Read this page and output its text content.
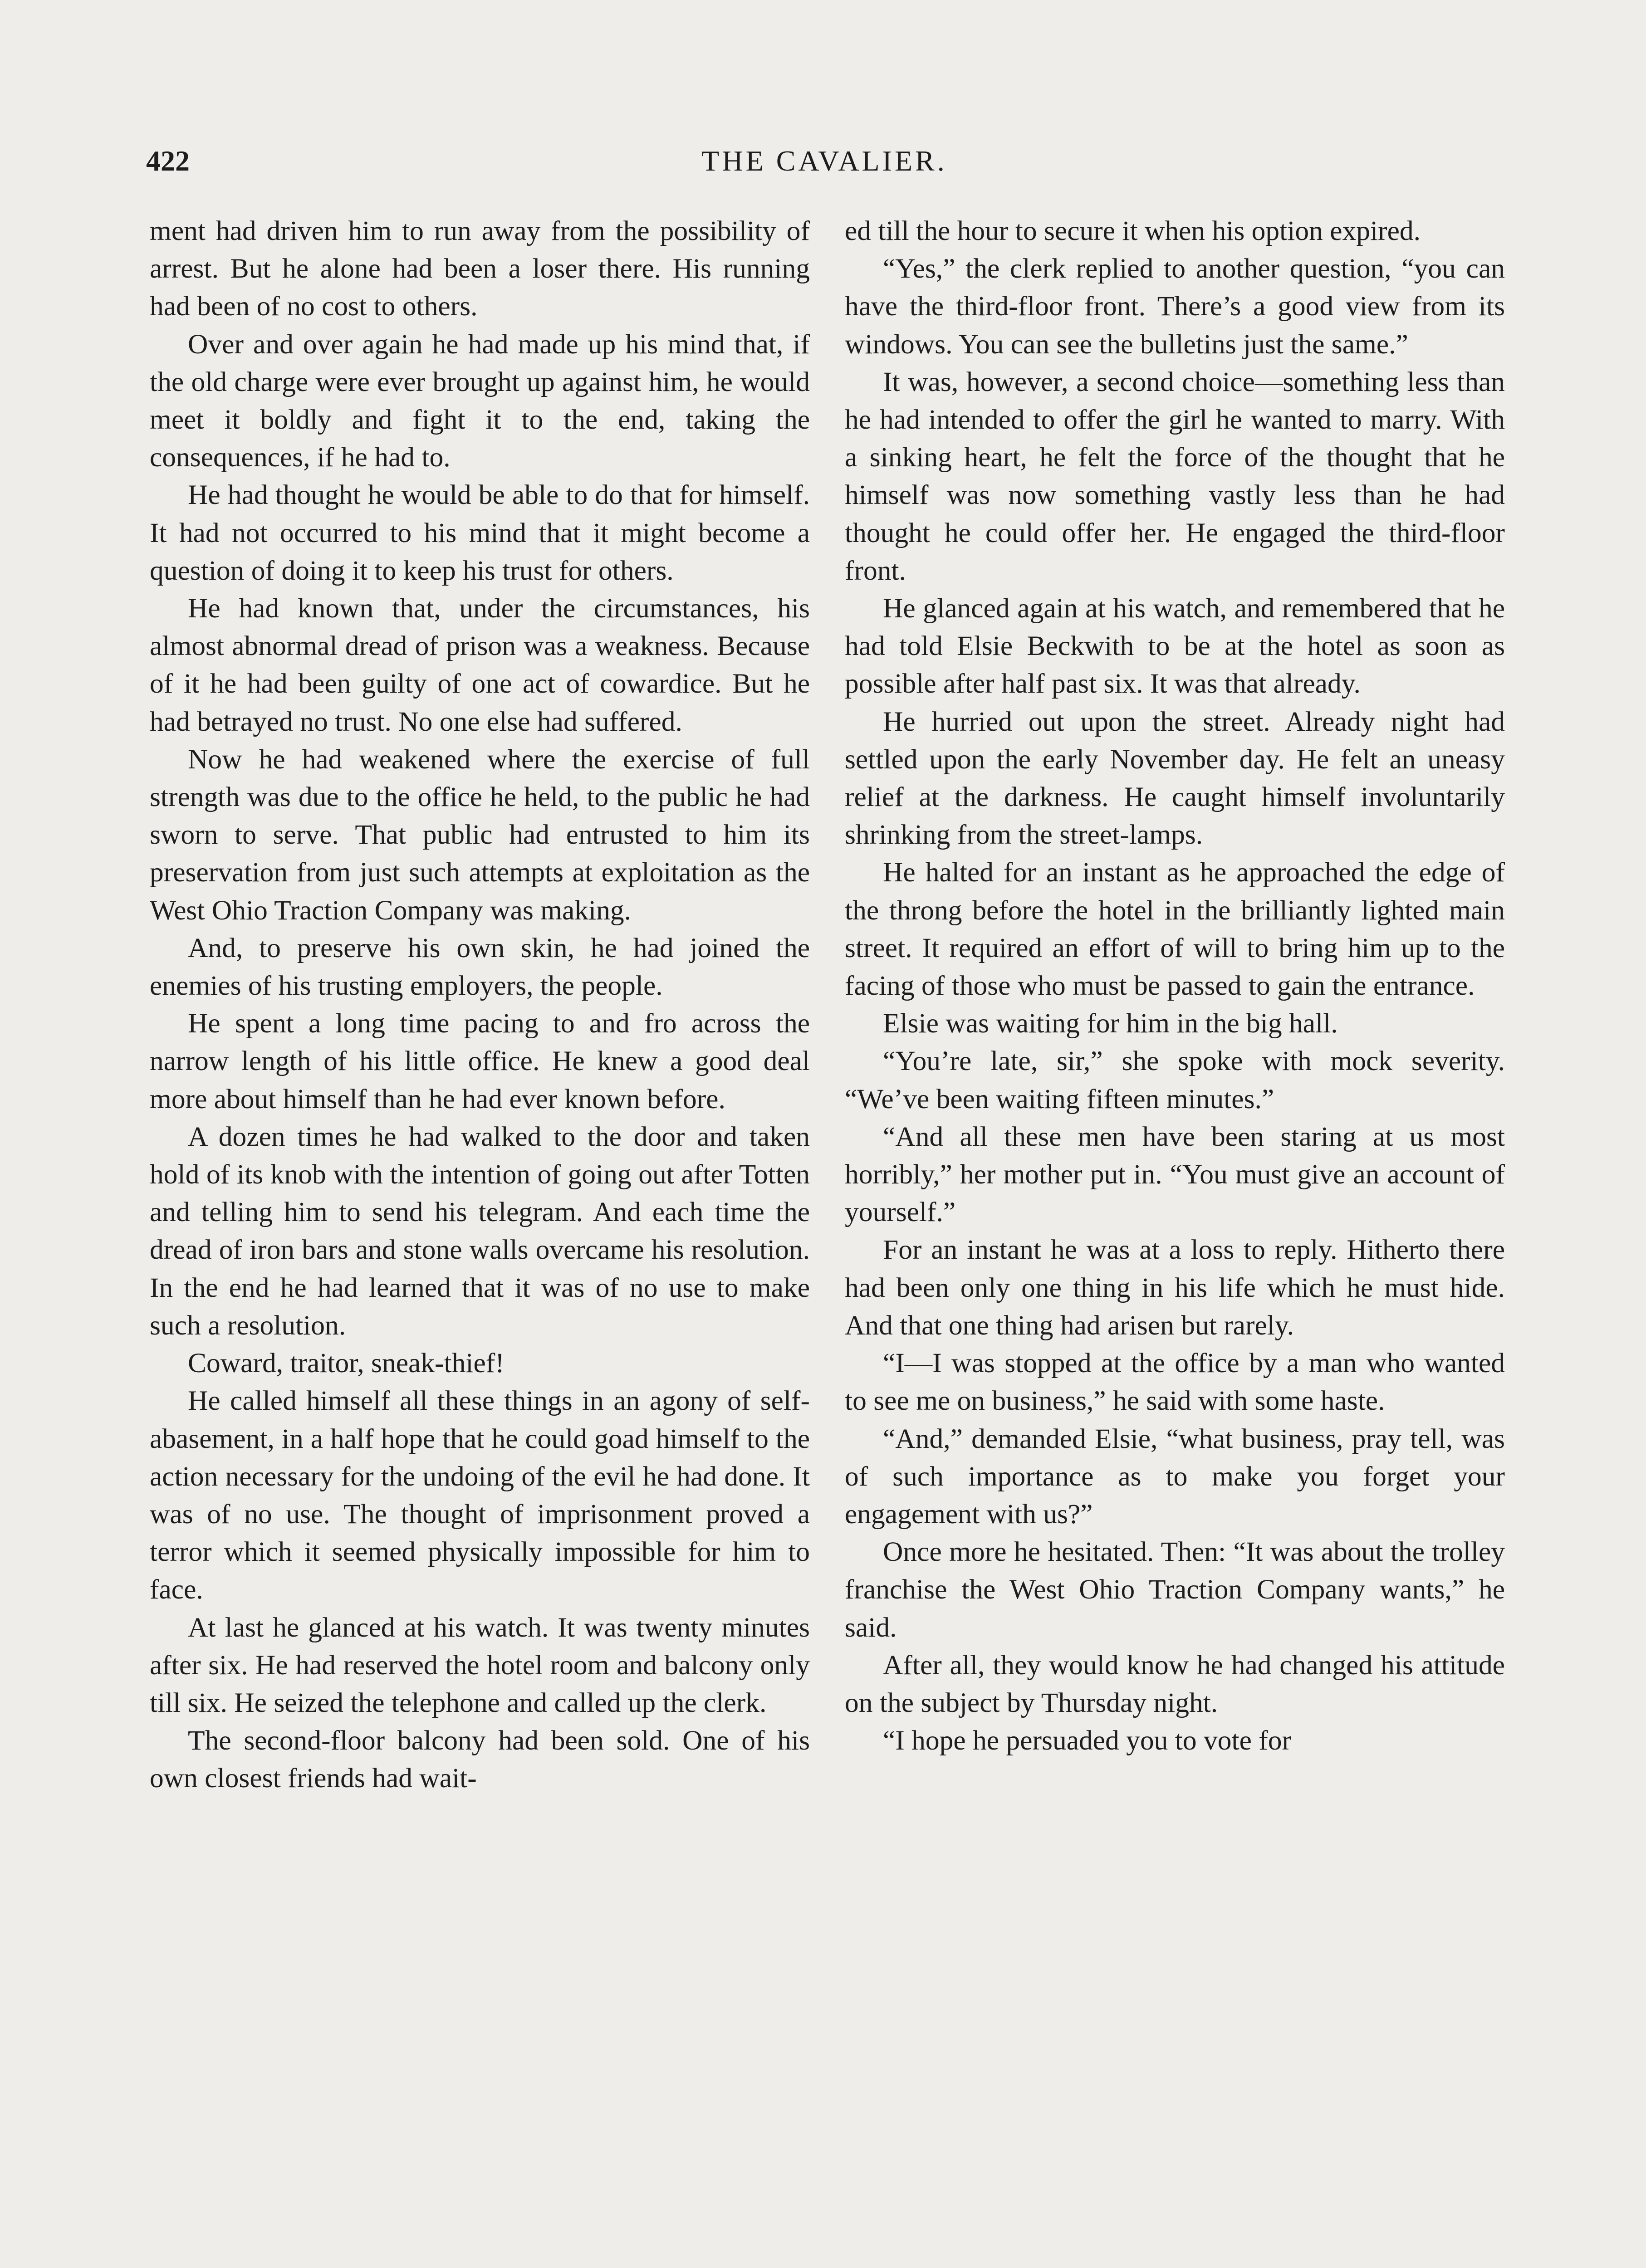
422	THE CAVALIER.

ment had driven him to run away from the possibility of arrest. But he alone had been a loser there. His running had been of no cost to others.

Over and over again he had made up his mind that, if the old charge were ever brought up against him, he would meet it boldly and fight it to the end, taking the consequences, if he had to.

He had thought he would be able to do that for himself. It had not occurred to his mind that it might become a question of doing it to keep his trust for others.

He had known that, under the circumstances, his almost abnormal dread of prison was a weakness. Because of it he had been guilty of one act of cowardice. But he had betrayed no trust. No one else had suffered.

Now he had weakened where the exercise of full strength was due to the office he held, to the public he had sworn to serve. That public had entrusted to him its preservation from just such attempts at exploitation as the West Ohio Traction Company was making.

And, to preserve his own skin, he had joined the enemies of his trusting employers, the people.

He spent a long time pacing to and fro across the narrow length of his little office. He knew a good deal more about himself than he had ever known before.

A dozen times he had walked to the door and taken hold of its knob with the intention of going out after Totten and telling him to send his telegram. And each time the dread of iron bars and stone walls overcame his resolution. In the end he had learned that it was of no use to make such a resolution.

Coward, traitor, sneak-thief!

He called himself all these things in an agony of self-abasement, in a half hope that he could goad himself to the action necessary for the undoing of the evil he had done. It was of no use. The thought of imprisonment proved a terror which it seemed physically impossible for him to face.

At last he glanced at his watch. It was twenty minutes after six. He had reserved the hotel room and balcony only till six. He seized the telephone and called up the clerk.

The second-floor balcony had been sold. One of his own closest friends had wait-

ed till the hour to secure it when his option expired.

“Yes,” the clerk replied to another question, “you can have the third-floor front. There’s a good view from its windows. You can see the bulletins just the same.”

It was, however, a second choice—something less than he had intended to offer the girl he wanted to marry. With a sinking heart, he felt the force of the thought that he himself was now something vastly less than he had thought he could offer her. He engaged the third-floor front.

He glanced again at his watch, and remembered that he had told Elsie Beckwith to be at the hotel as soon as possible after half past six. It was that already.

He hurried out upon the street. Already night had settled upon the early November day. He felt an uneasy relief at the darkness. He caught himself involuntarily shrinking from the street-lamps.

He halted for an instant as he approached the edge of the throng before the hotel in the brilliantly lighted main street. It required an effort of will to bring him up to the facing of those who must be passed to gain the entrance.

Elsie was waiting for him in the big hall.

“You’re late, sir,” she spoke with mock severity. “We’ve been waiting fifteen minutes.”

“And all these men have been staring at us most horribly,” her mother put in. “You must give an account of yourself.”

For an instant he was at a loss to reply. Hitherto there had been only one thing in his life which he must hide. And that one thing had arisen but rarely.

“I—I was stopped at the office by a man who wanted to see me on business,” he said with some haste.

“And,” demanded Elsie, “what business, pray tell, was of such importance as to make you forget your engagement with us?”

Once more he hesitated. Then: “It was about the trolley franchise the West Ohio Traction Company wants,” he said.

After all, they would know he had changed his attitude on the subject by Thursday night.

“I hope he persuaded you to vote for
